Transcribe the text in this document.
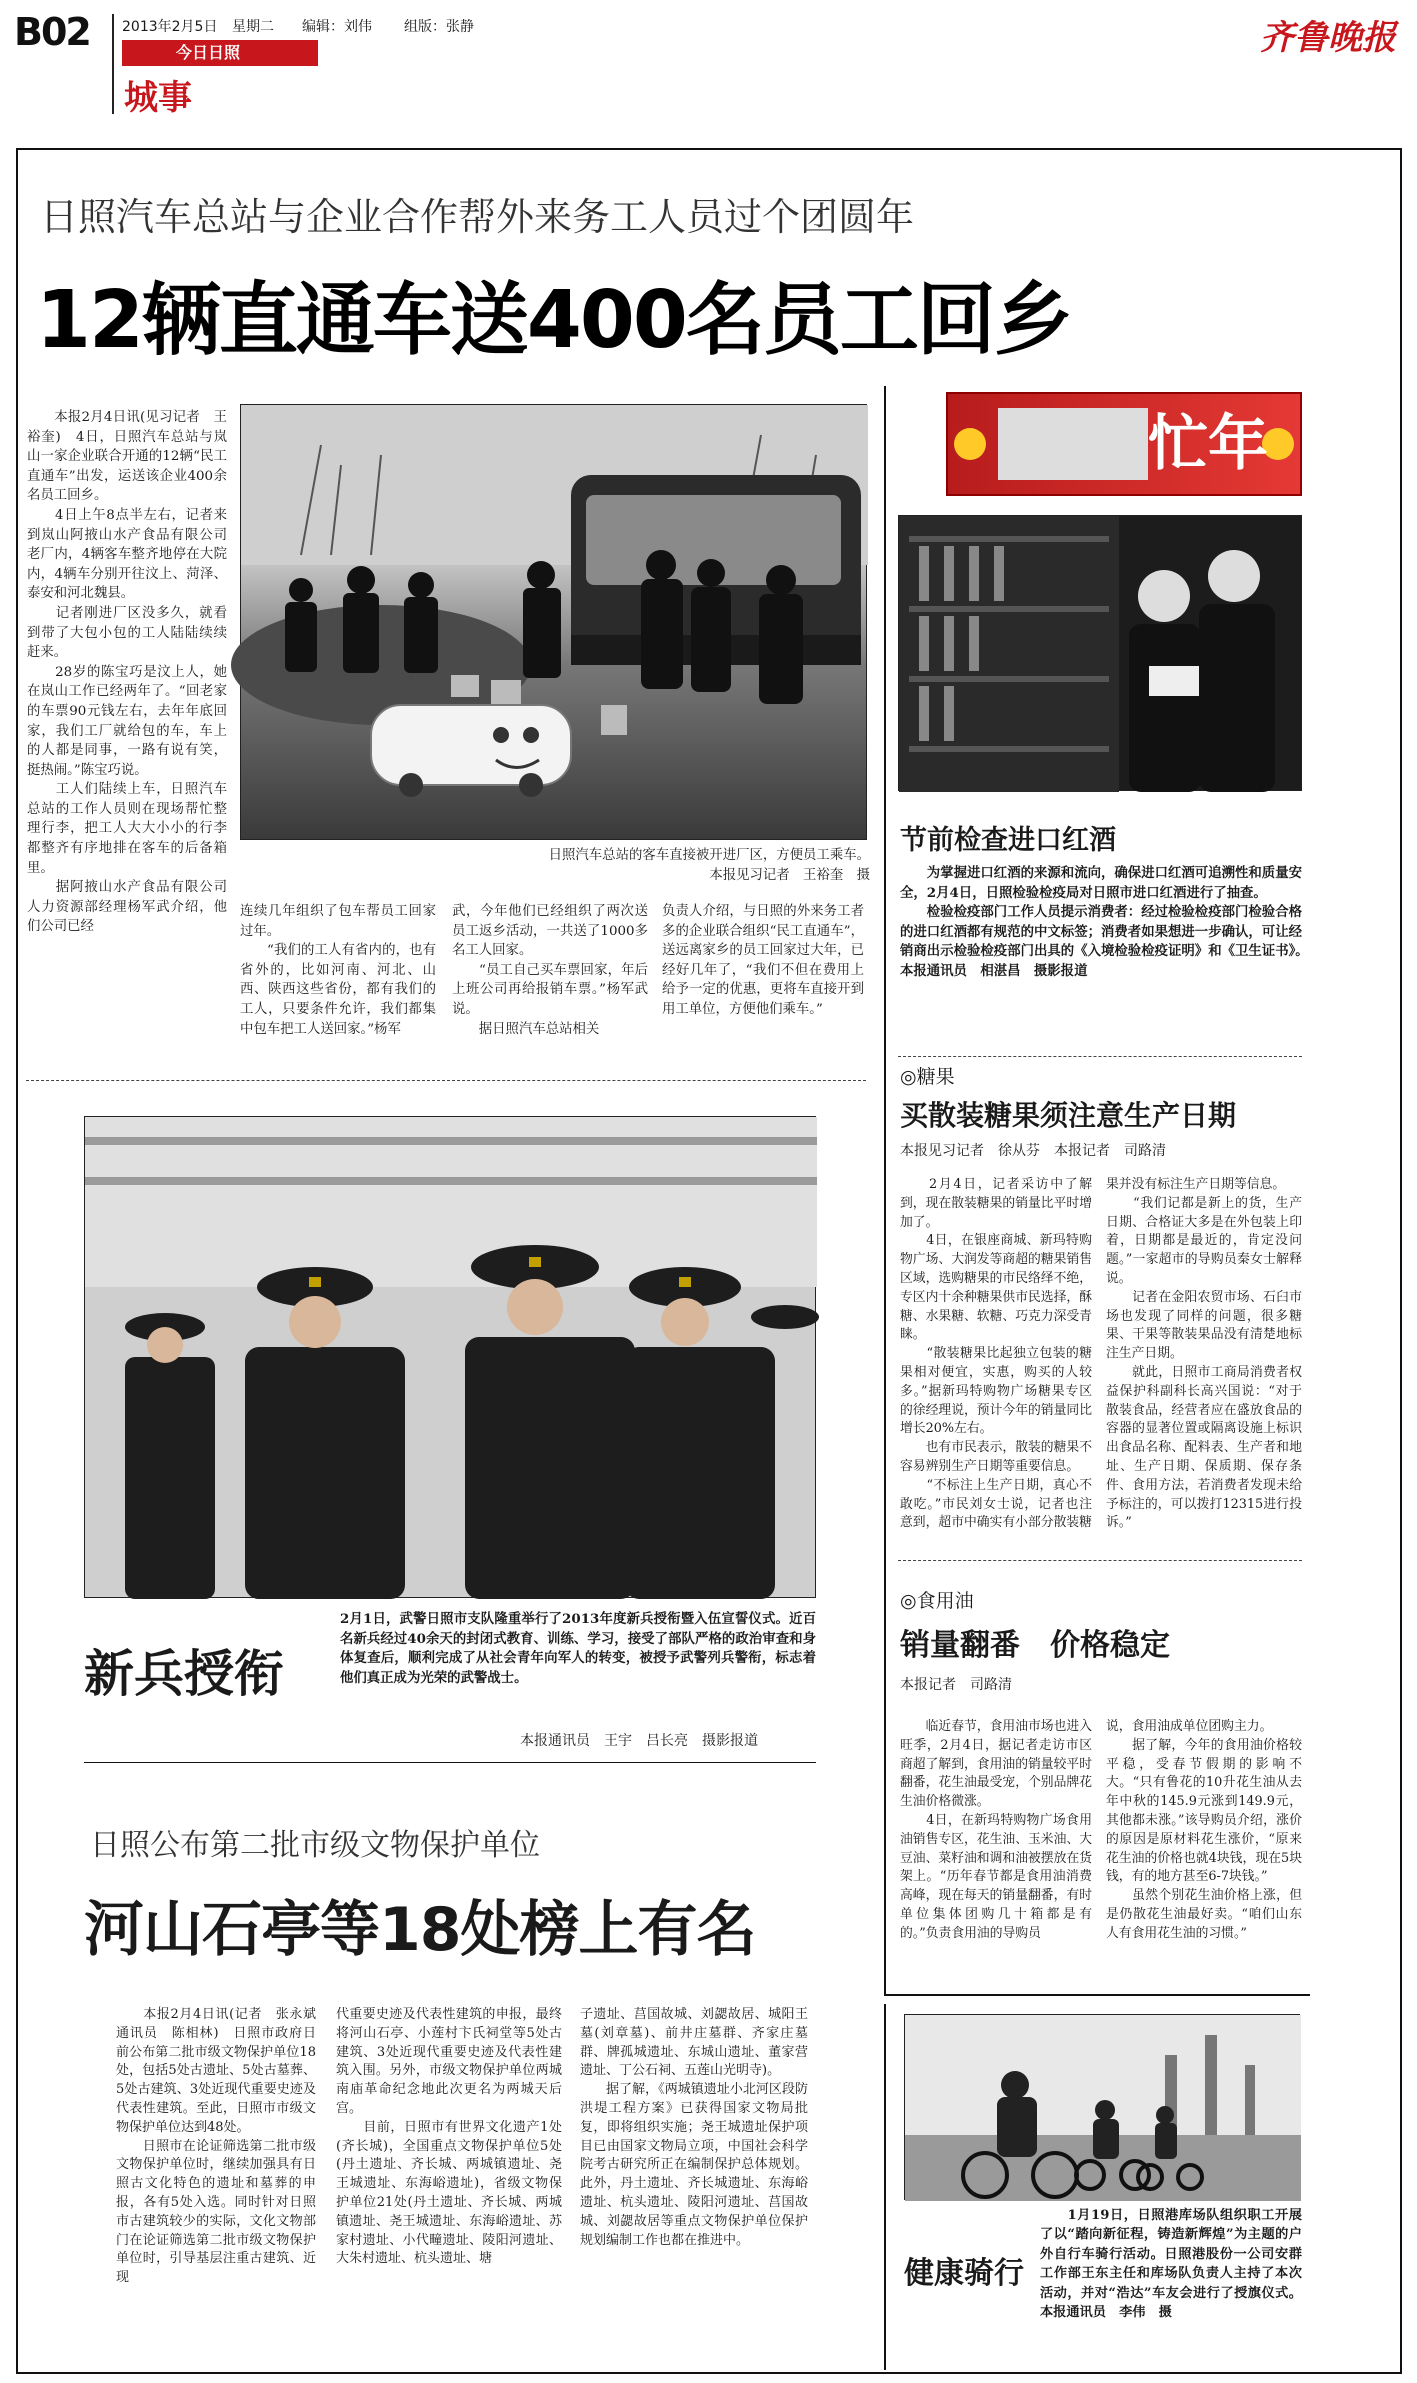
B02 2013年2月5日 星期二 编辑：刘伟 组版：张静
今日日照
城事
齐鲁晚报
日照汽车总站与企业合作帮外来务工人员过个团圆年
12辆直通车送400名员工回乡
　　本报2月4日讯(见习记者　王裕奎)　4日，日照汽车总站与岚山一家企业联合开通的12辆“民工直通车”出发，运送该企业400余名员工回乡。
　　4日上午8点半左右，记者来到岚山阿掖山水产食品有限公司老厂内，4辆客车整齐地停在大院内，4辆车分别开往汶上、菏泽、泰安和河北魏县。
　　记者刚进厂区没多久，就看到带了大包小包的工人陆陆续续赶来。
　　28岁的陈宝巧是汶上人，她在岚山工作已经两年了。“回老家的车票90元钱左右，去年年底回家，我们工厂就给包的车，车上的人都是同事，一路有说有笑，挺热闹。”陈宝巧说。
　　工人们陆续上车，日照汽车总站的工作人员则在现场帮忙整理行李，把工人大大小小的行李都整齐有序地排在客车的后备箱里。
　　据阿掖山水产食品有限公司人力资源部经理杨军武介绍，他们公司已经
日照汽车总站的客车直接被开进厂区，方便员工乘车。
本报见习记者　王裕奎　摄
连续几年组织了包车帮员工回家过年。
　　“我们的工人有省内的，也有省外的，比如河南、河北、山西、陕西这些省份，都有我们的工人，只要条件允许，我们都集中包车把工人送回家。”杨军
武，今年他们已经组织了两次送员工返乡活动，一共送了1000多名工人回家。
　　“员工自己买车票回家，年后上班公司再给报销车票。”杨军武说。
　　据日照汽车总站相关
负责人介绍，与日照的外来务工者多的企业联合组织“民工直通车”，送远离家乡的员工回家过大年，已经好几年了，“我们不但在费用上给予一定的优惠，更将车直接开到用工单位，方便他们乘车。”
忙年
节前检查进口红酒
　　为掌握进口红酒的来源和流向，确保进口红酒可追溯性和质量安全，2月4日，日照检验检疫局对日照市进口红酒进行了抽查。
　　检验检疫部门工作人员提示消费者：经过检验检疫部门检验合格的进口红酒都有规范的中文标签；消费者如果想进一步确认，可让经销商出示检验检疫部门出具的《入境检验检疫证明》和《卫生证书》。　　　　　本报通讯员　相湛昌　摄影报道
◎糖果
买散装糖果须注意生产日期
本报见习记者　徐从芬　本报记者　司路清
　　2月4日，记者采访中了解到，现在散装糖果的销量比平时增加了。
　　4日，在银座商城、新玛特购物广场、大润发等商超的糖果销售区域，选购糖果的市民络绎不绝，专区内十余种糖果供市民选择，酥糖、水果糖、软糖、巧克力深受青睐。
　　“散装糖果比起独立包装的糖果相对便宜，实惠，购买的人较多。”据新玛特购物广场糖果专区的徐经理说，预计今年的销量同比增长20%左右。
　　也有市民表示，散装的糖果不容易辨别生产日期等重要信息。
　　“不标注上生产日期，真心不敢吃。”市民刘女士说，记者也注意到，超市中确实有小部分散装糖
果并没有标注生产日期等信息。
　　“我们记都是新上的货，生产日期、合格证大多是在外包装上印着，日期都是最近的，肯定没问题。”一家超市的导购员秦女士解释说。
　　记者在金阳农贸市场、石臼市场也发现了同样的问题，很多糖果、干果等散装果品没有清楚地标注生产日期。
　　就此，日照市工商局消费者权益保护科副科长高兴国说：“对于散装食品，经营者应在盛放食品的容器的显著位置或隔离设施上标识出食品名称、配料表、生产者和地址、生产日期、保质期、保存条件、食用方法，若消费者发现未给予标注的，可以拨打12315进行投诉。”
◎食用油
销量翻番　价格稳定
本报记者　司路清
　　临近春节，食用油市场也进入旺季，2月4日，据记者走访市区商超了解到，食用油的销量较平时翻番，花生油最受宠，个别品牌花生油价格微涨。
　　4日，在新玛特购物广场食用油销售专区，花生油、玉米油、大豆油、菜籽油和调和油被摆放在货架上。“历年春节都是食用油消费高峰，现在每天的销量翻番，有时单位集体团购几十箱都是有的。”负责食用油的导购员
说，食用油成单位团购主力。
　　据了解，今年的食用油价格较平稳，受春节假期的影响不大。“只有鲁花的10升花生油从去年中秋的145.9元涨到149.9元，其他都未涨。”该导购员介绍，涨价的原因是原材料花生涨价，“原来花生油的价格也就4块钱，现在5块钱，有的地方甚至6-7块钱。”
　　虽然个别花生油价格上涨，但是仍散花生油最好卖。“咱们山东人有食用花生油的习惯。”
新兵授衔
2月1日，武警日照市支队隆重举行了2013年度新兵授衔暨入伍宣誓仪式。近百名新兵经过40余天的封闭式教育、训练、学习，接受了部队严格的政治审查和身体复查后，顺利完成了从社会青年向军人的转变，被授予武警列兵警衔，标志着他们真正成为光荣的武警战士。
本报通讯员　王宇　吕长亮　摄影报道
日照公布第二批市级文物保护单位
河山石亭等18处榜上有名
　　本报2月4日讯(记者　张永斌　通讯员　陈相林)　日照市政府日前公布第二批市级文物保护单位18处，包括5处古遗址、5处古墓葬、5处古建筑、3处近现代重要史迹及代表性建筑。至此，日照市市级文物保护单位达到48处。
　　日照市在论证筛选第二批市级文物保护单位时，继续加强具有日照古文化特色的遗址和墓葬的申报，各有5处入选。同时针对日照市古建筑较少的实际，文化文物部门在论证筛选第二批市级文物保护单位时，引导基层注重古建筑、近现
代重要史迹及代表性建筑的申报，最终将河山石亭、小莲村卞氏祠堂等5处古建筑、3处近现代重要史迹及代表性建筑入围。另外，市级文物保护单位两城南庙革命纪念地此次更名为两城天后宫。
　　目前，日照市有世界文化遗产1处(齐长城)，全国重点文物保护单位5处(丹土遗址、齐长城、两城镇遗址、尧王城遗址、东海峪遗址)，省级文物保护单位21处(丹土遗址、齐长城、两城镇遗址、尧王城遗址、东海峪遗址、苏家村遗址、小代疃遗址、陵阳河遗址、大朱村遗址、杭头遗址、塘
子遗址、莒国故城、刘勰故居、城阳王墓(刘章墓)、前井庄墓群、齐家庄墓群、牌孤城遗址、东城山遗址、董家营遗址、丁公石祠、五莲山光明寺)。
　　据了解，《两城镇遗址小北河区段防洪堤工程方案》已获得国家文物局批复，即将组织实施；尧王城遗址保护项目已由国家文物局立项，中国社会科学院考古研究所正在编制保护总体规划。此外，丹土遗址、齐长城遗址、东海峪遗址、杭头遗址、陵阳河遗址、莒国故城、刘勰故居等重点文物保护单位保护规划编制工作也都在推进中。
健康骑行
　　1月19日，日照港库场队组织职工开展了以“踏向新征程，铸造新辉煌”为主题的户外自行车骑行活动。日照港股份一公司安群工作部王东主任和库场队负责人主持了本次活动，并对“浩达”车友会进行了授旗仪式。本报通讯员　李伟　摄
